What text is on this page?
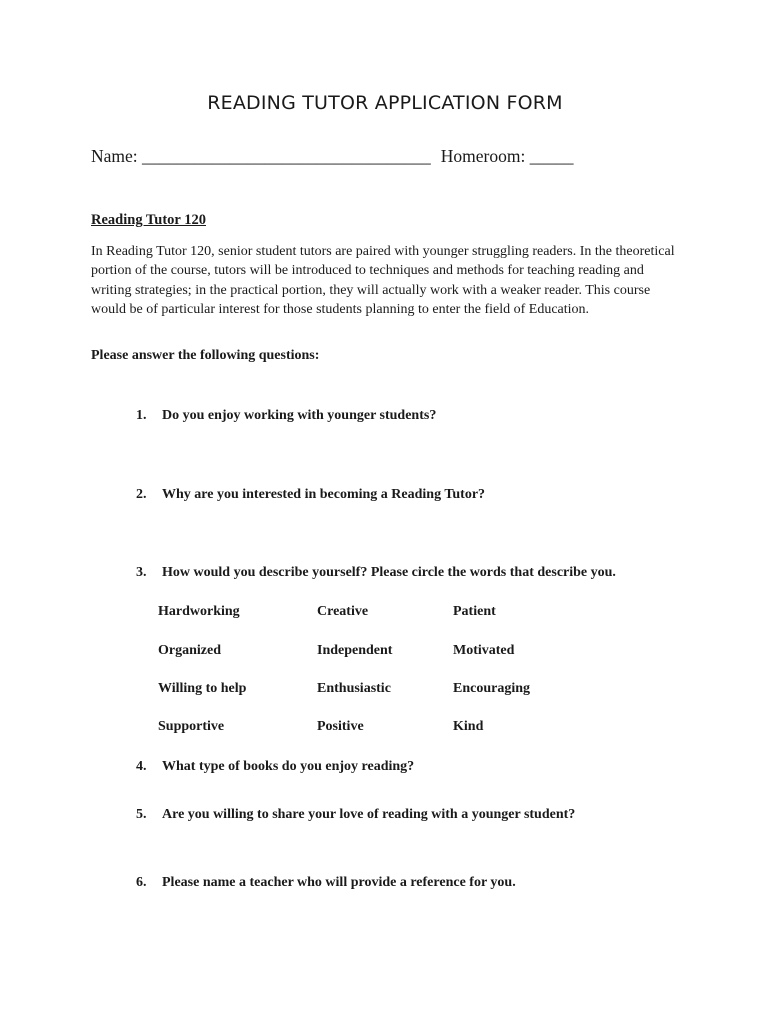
READING TUTOR APPLICATION FORM
Name: _________________________________ Homeroom: _____
Reading Tutor 120

In Reading Tutor 120, senior student tutors are paired with younger struggling readers. In the theoretical portion of the course, tutors will be introduced to techniques and methods for teaching reading and writing strategies; in the practical portion, they will actually work with a weaker reader. This course would be of particular interest for those students planning to enter the field of Education.

Please answer the following questions:
1. Do you enjoy working with younger students?
2. Why are you interested in becoming a Reading Tutor?
3. How would you describe yourself? Please circle the words that describe you.
Hardworking	Creative	Patient
Organized	Independent	Motivated
Willing to help	Enthusiastic	Encouraging
Supportive	Positive	Kind
4. What type of books do you enjoy reading?
5. Are you willing to share your love of reading with a younger student?
6. Please name a teacher who will provide a reference for you.
